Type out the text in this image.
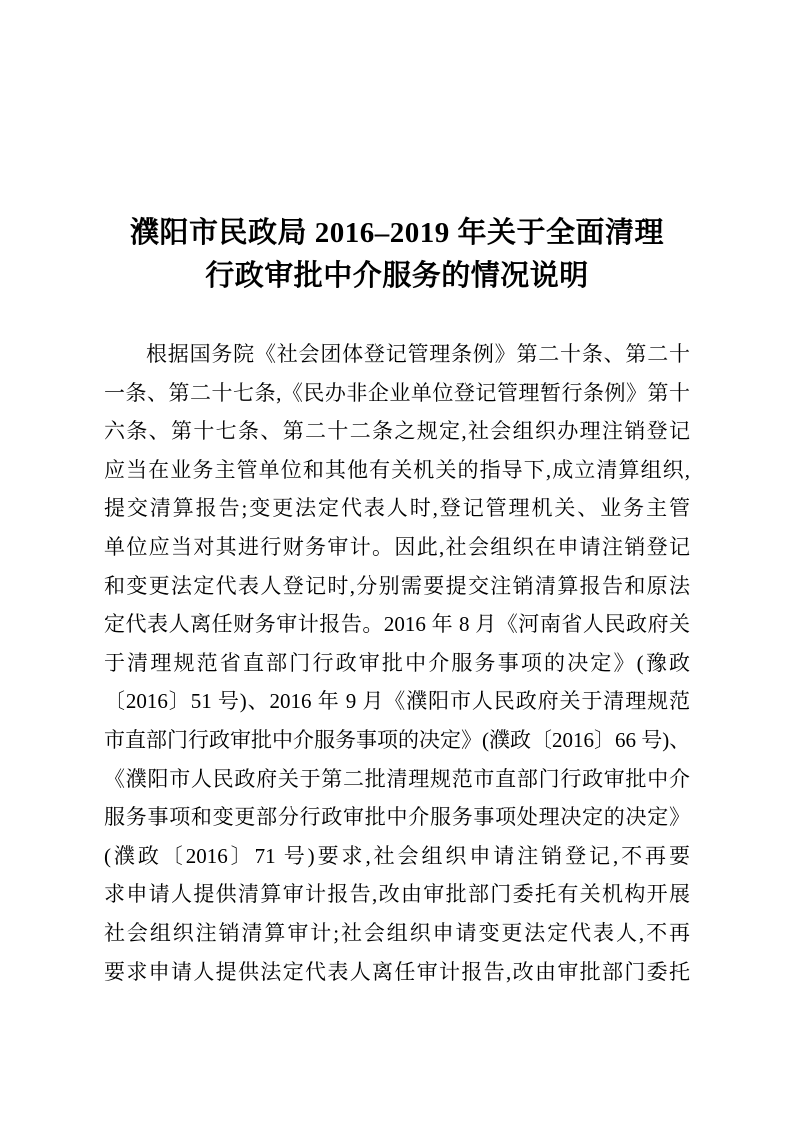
濮阳市民政局 2016–2019 年关于全面清理
行政审批中介服务的情况说明
根据国务院《社会团体登记管理条例》第二十条、第二十
一条、第二十七条,《民办非企业单位登记管理暂行条例》第十
六条、第十七条、第二十二条之规定,社会组织办理注销登记
应当在业务主管单位和其他有关机关的指导下,成立清算组织,
提交清算报告;变更法定代表人时,登记管理机关、业务主管
单位应当对其进行财务审计。因此,社会组织在申请注销登记
和变更法定代表人登记时,分别需要提交注销清算报告和原法
定代表人离任财务审计报告。2016 年 8 月《河南省人民政府关
于清理规范省直部门行政审批中介服务事项的决定》(豫政
〔2016〕51 号)、2016 年 9 月《濮阳市人民政府关于清理规范
市直部门行政审批中介服务事项的决定》(濮政〔2016〕66 号)、
《濮阳市人民政府关于第二批清理规范市直部门行政审批中介
服务事项和变更部分行政审批中介服务事项处理决定的决定》
(濮政〔2016〕71 号)要求,社会组织申请注销登记,不再要
求申请人提供清算审计报告,改由审批部门委托有关机构开展
社会组织注销清算审计;社会组织申请变更法定代表人,不再
要求申请人提供法定代表人离任审计报告,改由审批部门委托
